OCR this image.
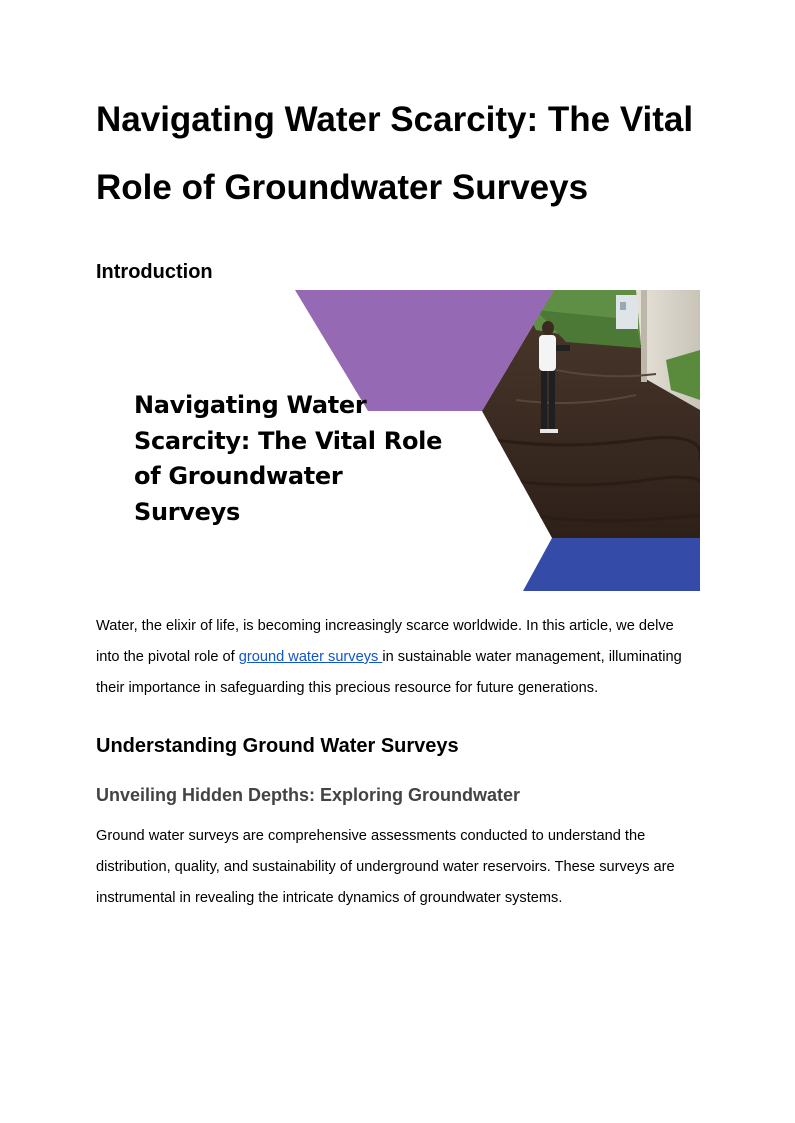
Navigating Water Scarcity: The Vital
Role of Groundwater Surveys
Introduction
Navigating Water
Scarcity: The Vital Role
of Groundwater
Surveys

Water, the elixir of life, is becoming increasingly scarce worldwide. In this article, we delve
into the pivotal role of ground water surveys in sustainable water management, illuminating
their importance in safeguarding this precious resource for future generations.

Understanding Ground Water Surveys
Unveiling Hidden Depths: Exploring Groundwater

Ground water surveys are comprehensive assessments conducted to understand the
distribution, quality, and sustainability of underground water reservoirs. These surveys are
instrumental in revealing the intricate dynamics of groundwater systems.
